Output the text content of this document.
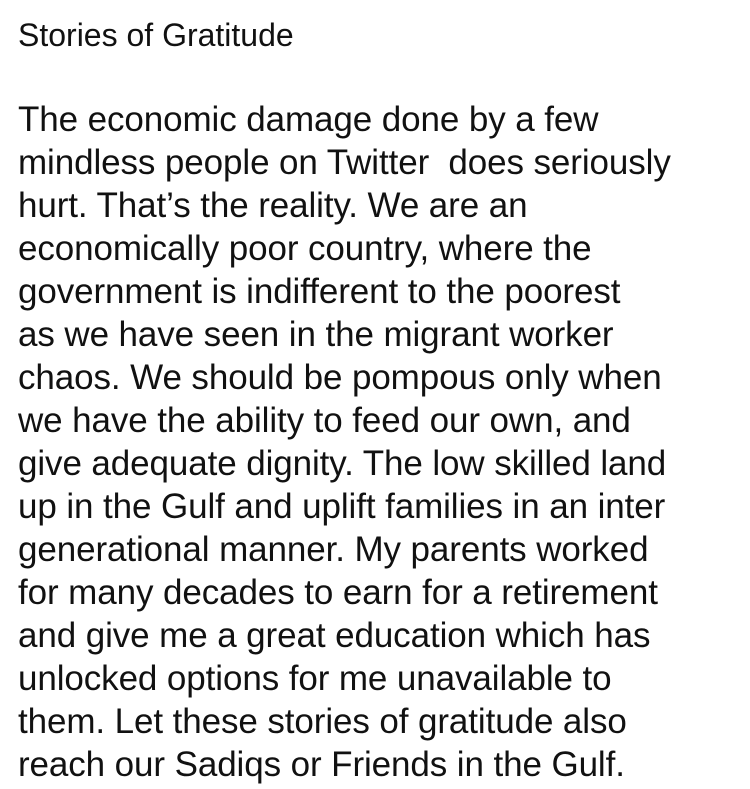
Stories of Gratitude
The economic damage done by a few
mindless people on Twitter  does seriously
hurt. That’s the reality. We are an
economically poor country, where the
government is indifferent to the poorest
as we have seen in the migrant worker
chaos. We should be pompous only when
we have the ability to feed our own, and
give adequate dignity. The low skilled land
up in the Gulf and uplift families in an inter
generational manner. My parents worked
for many decades to earn for a retirement
and give me a great education which has
unlocked options for me unavailable to
them. Let these stories of gratitude also
reach our Sadiqs or Friends in the Gulf.
